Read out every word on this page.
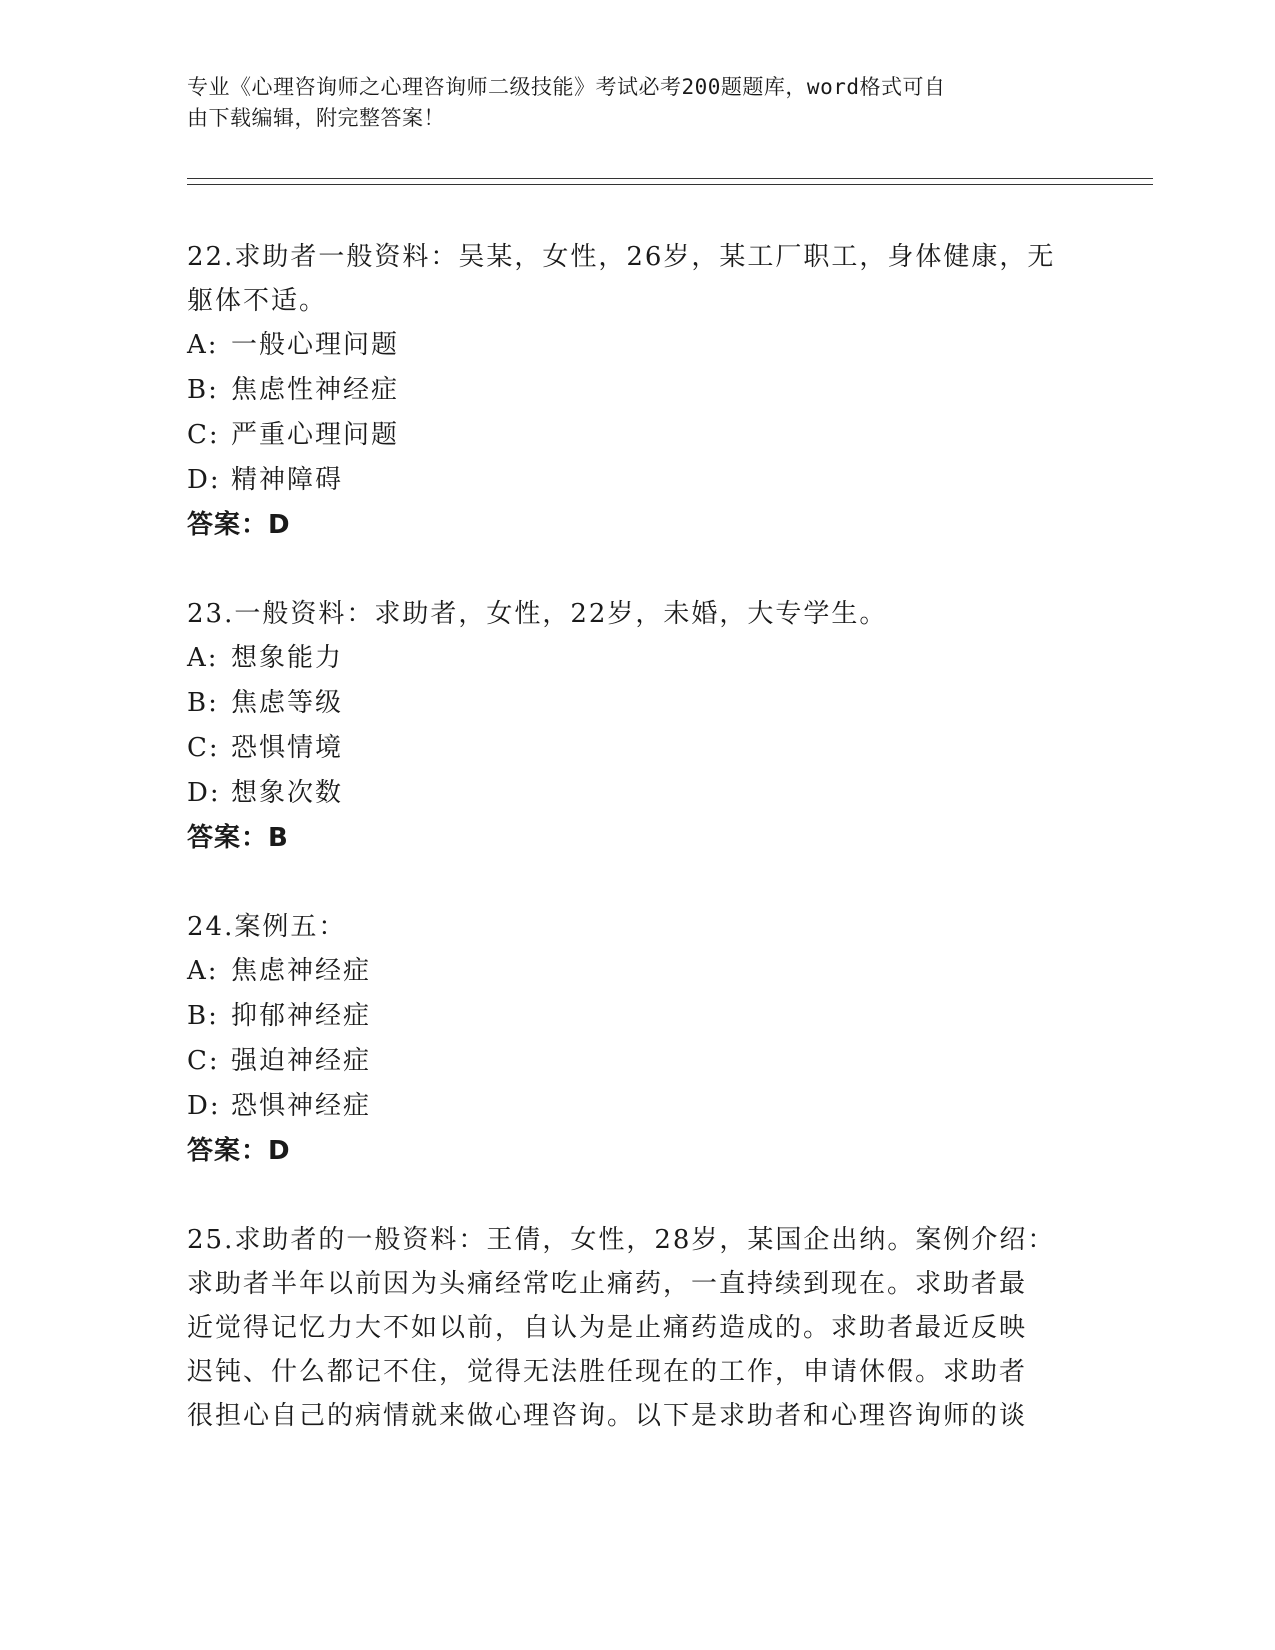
专业《心理咨询师之心理咨询师二级技能》考试必考200题题库，word格式可自
由下载编辑，附完整答案！
22.求助者一般资料：吴某，女性，26岁，某工厂职工，身体健康，无
躯体不适。
A: 一般心理问题
B: 焦虑性神经症
C: 严重心理问题
D: 精神障碍
答案：D
23.一般资料：求助者，女性，22岁，未婚，大专学生。
A: 想象能力
B: 焦虑等级
C: 恐惧情境
D: 想象次数
答案：B
24.案例五：
A: 焦虑神经症
B: 抑郁神经症
C: 强迫神经症
D: 恐惧神经症
答案：D
25.求助者的一般资料：王倩，女性，28岁，某国企出纳。案例介绍：
求助者半年以前因为头痛经常吃止痛药，一直持续到现在。求助者最
近觉得记忆力大不如以前，自认为是止痛药造成的。求助者最近反映
迟钝、什么都记不住，觉得无法胜任现在的工作，申请休假。求助者
很担心自己的病情就来做心理咨询。以下是求助者和心理咨询师的谈
